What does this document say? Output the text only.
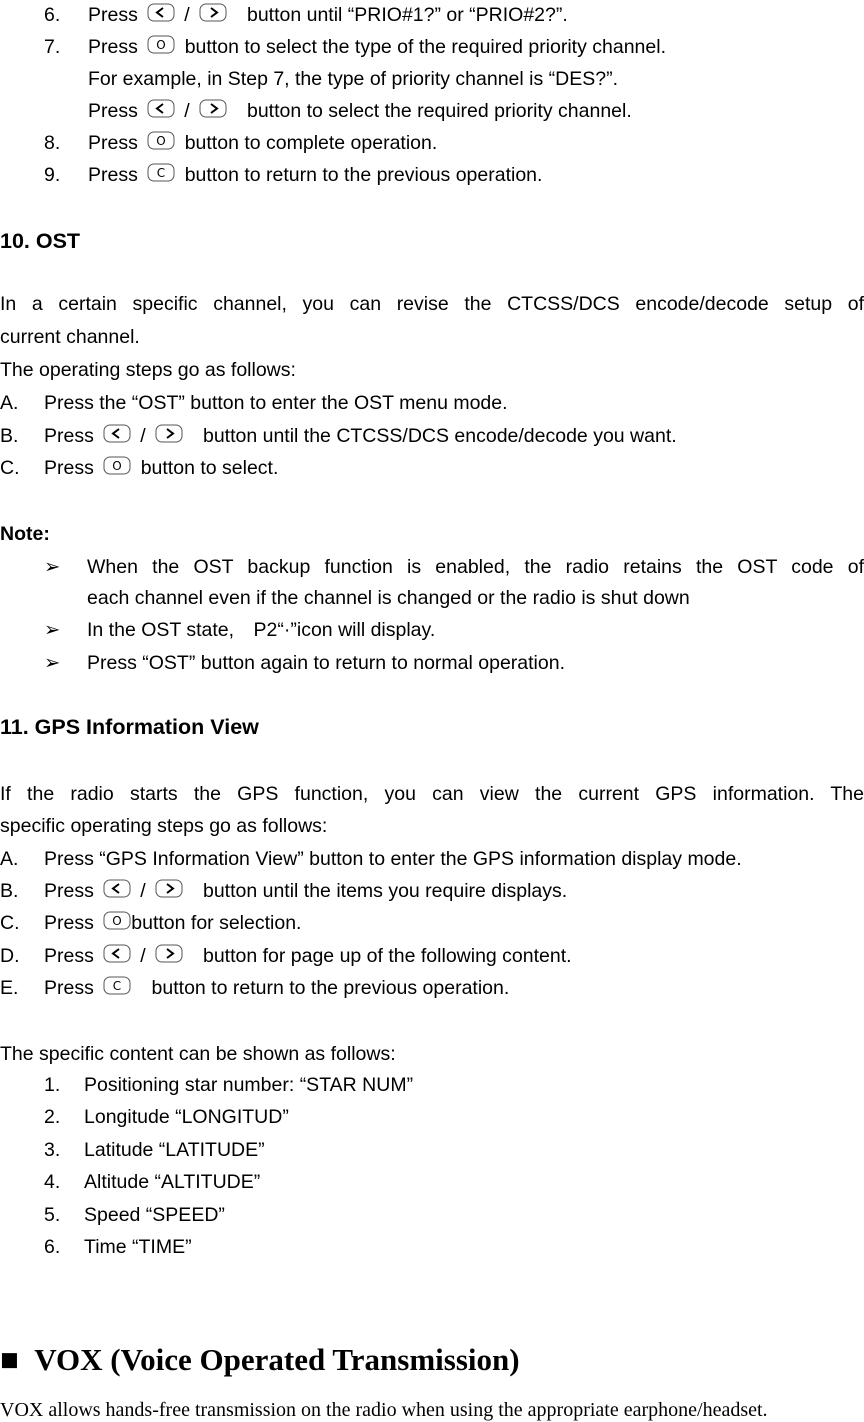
6. Press /	button until “PRIO#1?” or “PRIO#2?”.
7. Press O button to select the type of the required priority channel.
For example, in Step 7, the type of priority channel is “DES?”.
Press /	button to select the required priority channel.
8. Press O button to complete operation.
9. Press C button to return to the previous operation.
10. OST
In a certain specific channel, you can revise the CTCSS/DCS encode/decode setup of
current channel.
The operating steps go as follows:
A. Press the “OST” button to enter the OST menu mode.
B. Press /	button until the CTCSS/DCS encode/decode you want.
C. Press O button to select.
Note:
➢ When the OST backup function is enabled, the radio retains the OST code of
each channel even if the channel is changed or the radio is shut down
➢ In the OST state, P2“·”icon will display.
➢ Press “OST” button again to return to normal operation.
11. GPS Information View
If the radio starts the GPS function, you can view the current GPS information. The
specific operating steps go as follows:
A. Press “GPS Information View” button to enter the GPS information display mode.
B. Press /	button until the items you require displays.
C. Press O button for selection.
D. Press /	button for page up of the following content.
E. Press C button to return to the previous operation.
The specific content can be shown as follows:
1. Positioning star number: “STAR NUM”
2. Longitude “LONGITUD”
3. Latitude “LATITUDE”
4. Altitude “ALTITUDE”
5. Speed “SPEED”
6. Time “TIME”
■ VOX (Voice Operated Transmission)
VOX allows hands-free transmission on the radio when using the appropriate earphone/headset.
